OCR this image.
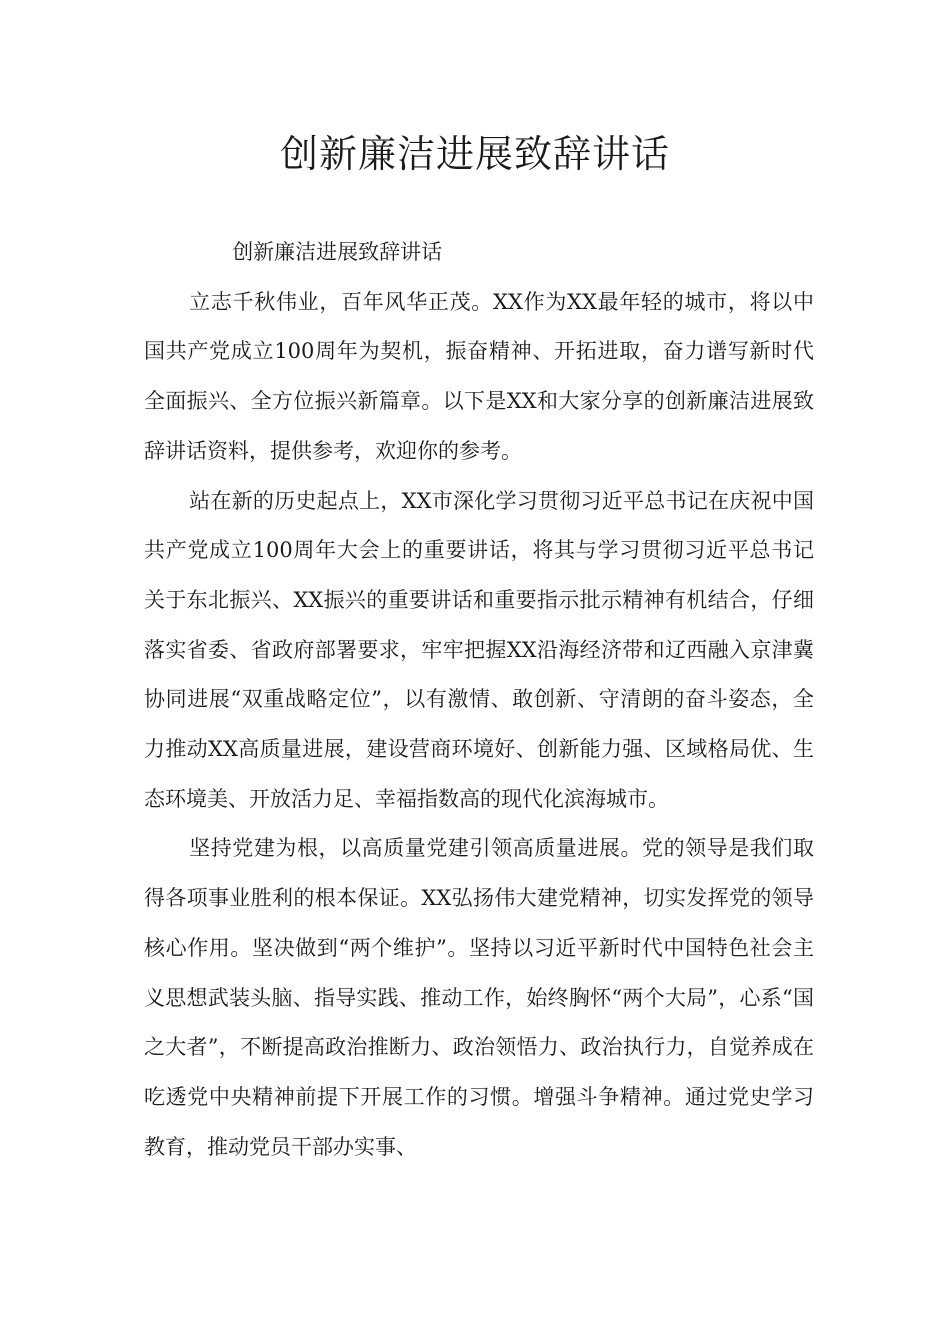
创新廉洁进展致辞讲话

创新廉洁进展致辞讲话

立志千秋伟业，百年风华正茂。XX作为XX最年轻的城市，将以中国共产党成立100周年为契机，振奋精神、开拓进取，奋力谱写新时代全面振兴、全方位振兴新篇章。以下是XX和大家分享的创新廉洁进展致辞讲话资料，提供参考，欢迎你的参考。

站在新的历史起点上，XX市深化学习贯彻习近平总书记在庆祝中国共产党成立100周年大会上的重要讲话，将其与学习贯彻习近平总书记关于东北振兴、XX振兴的重要讲话和重要指示批示精神有机结合，仔细落实省委、省政府部署要求，牢牢把握XX沿海经济带和辽西融入京津冀协同进展“双重战略定位”，以有激情、敢创新、守清朗的奋斗姿态，全力推动XX高质量进展，建设营商环境好、创新能力强、区域格局优、生态环境美、开放活力足、幸福指数高的现代化滨海城市。

坚持党建为根，以高质量党建引领高质量进展。党的领导是我们取得各项事业胜利的根本保证。XX弘扬伟大建党精神，切实发挥党的领导核心作用。坚决做到“两个维护”。坚持以习近平新时代中国特色社会主义思想武装头脑、指导实践、推动工作，始终胸怀“两个大局”，心系“国之大者”，不断提高政治推断力、政治领悟力、政治执行力，自觉养成在吃透党中央精神前提下开展工作的习惯。增强斗争精神。通过党史学习教育，推动党员干部办实事、
